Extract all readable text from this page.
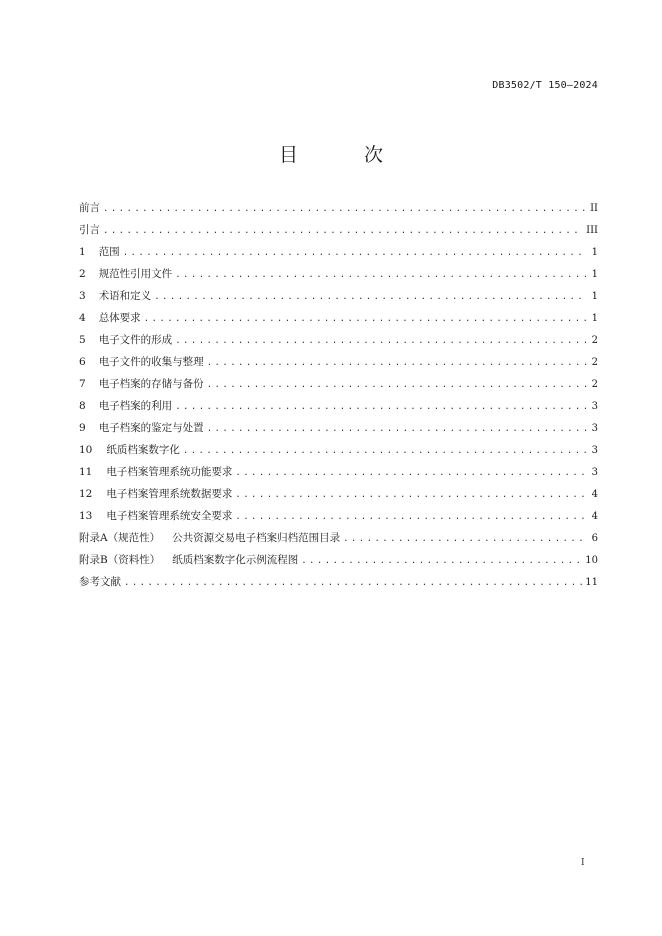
DB3502/T 150—2024
目 次
前言 . . .	II
引言 . . .	III
1 范围 . . .	1
2 规范性引用文件 . . .	1
3 术语和定义 . . .	1
4 总体要求 . . .	1
5 电子文件的形成 . . .	2
6 电子文件的收集与整理 . . .	2
7 电子档案的存储与备份 . . .	2
8 电子档案的利用 . . .	3
9 电子档案的鉴定与处置 . . .	3
10 纸质档案数字化 . . .	3
11 电子档案管理系统功能要求 . . .	3
12 电子档案管理系统数据要求 . . .	4
13 电子档案管理系统安全要求 . . .	4
附录A（规范性） 公共资源交易电子档案归档范围目录 . . .	6
附录B（资料性） 纸质档案数字化示例流程图 . . .	10
参考文献 . . .	11
I
